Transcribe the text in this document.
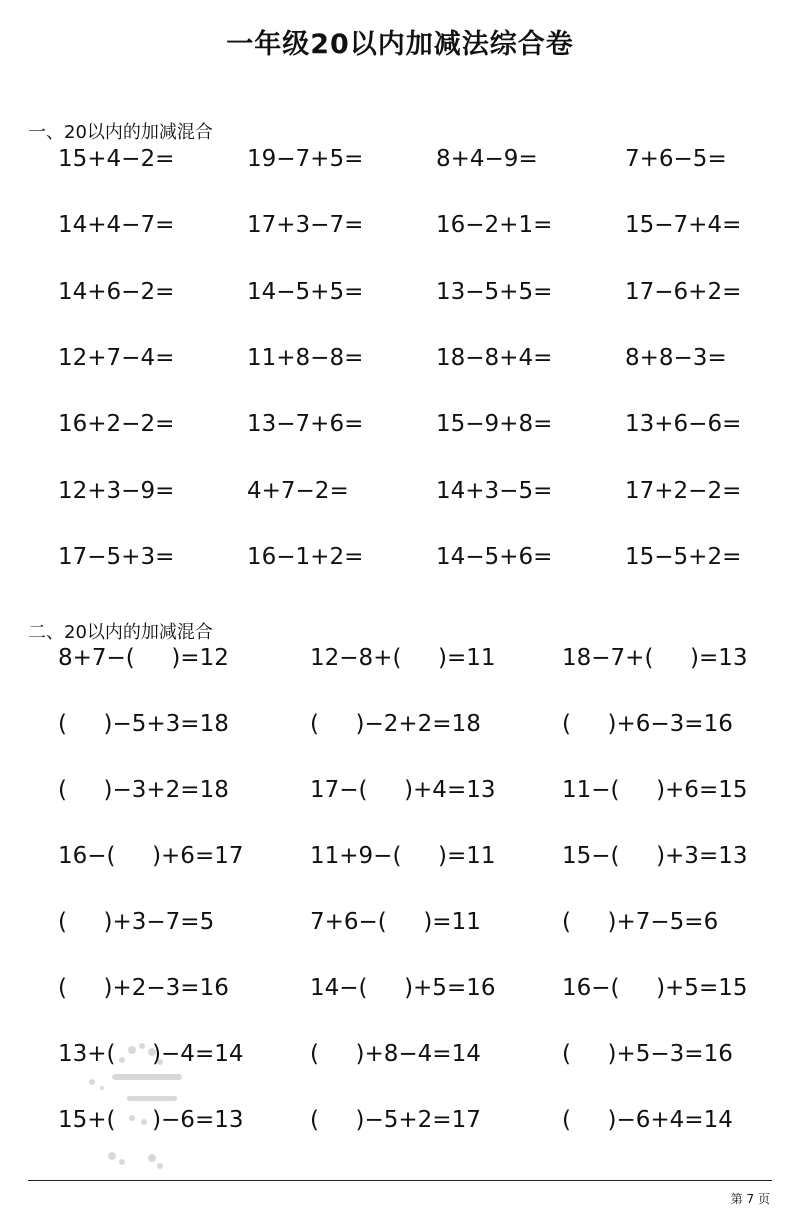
一年级20以内加减法综合卷
一、20以内的加减混合
15+4−2=	19−7+5=	8+4−9=	7+6−5=
14+4−7=	17+3−7=	16−2+1=	15−7+4=
14+6−2=	14−5+5=	13−5+5=	17−6+2=
12+7−4=	11+8−8=	18−8+4=	8+8−3=
16+2−2=	13−7+6=	15−9+8=	13+6−6=
12+3−9=	4+7−2=	14+3−5=	17+2−2=
17−5+3=	16−1+2=	14−5+6=	15−5+2=
二、20以内的加减混合
8+7−(     )=12	12−8+(     )=11	18−7+(     )=13
(     )−5+3=18	(     )−2+2=18	(     )+6−3=16
(     )−3+2=18	17−(     )+4=13	11−(     )+6=15
16−(     )+6=17	11+9−(     )=11	15−(     )+3=13
(     )+3−7=5	7+6−(     )=11	(     )+7−5=6
(     )+2−3=16	14−(     )+5=16	16−(     )+5=15
13+(     )−4=14	(     )+8−4=14	(     )+5−3=16
15+(     )−6=13	(     )−5+2=17	(     )−6+4=14
第 7 页
